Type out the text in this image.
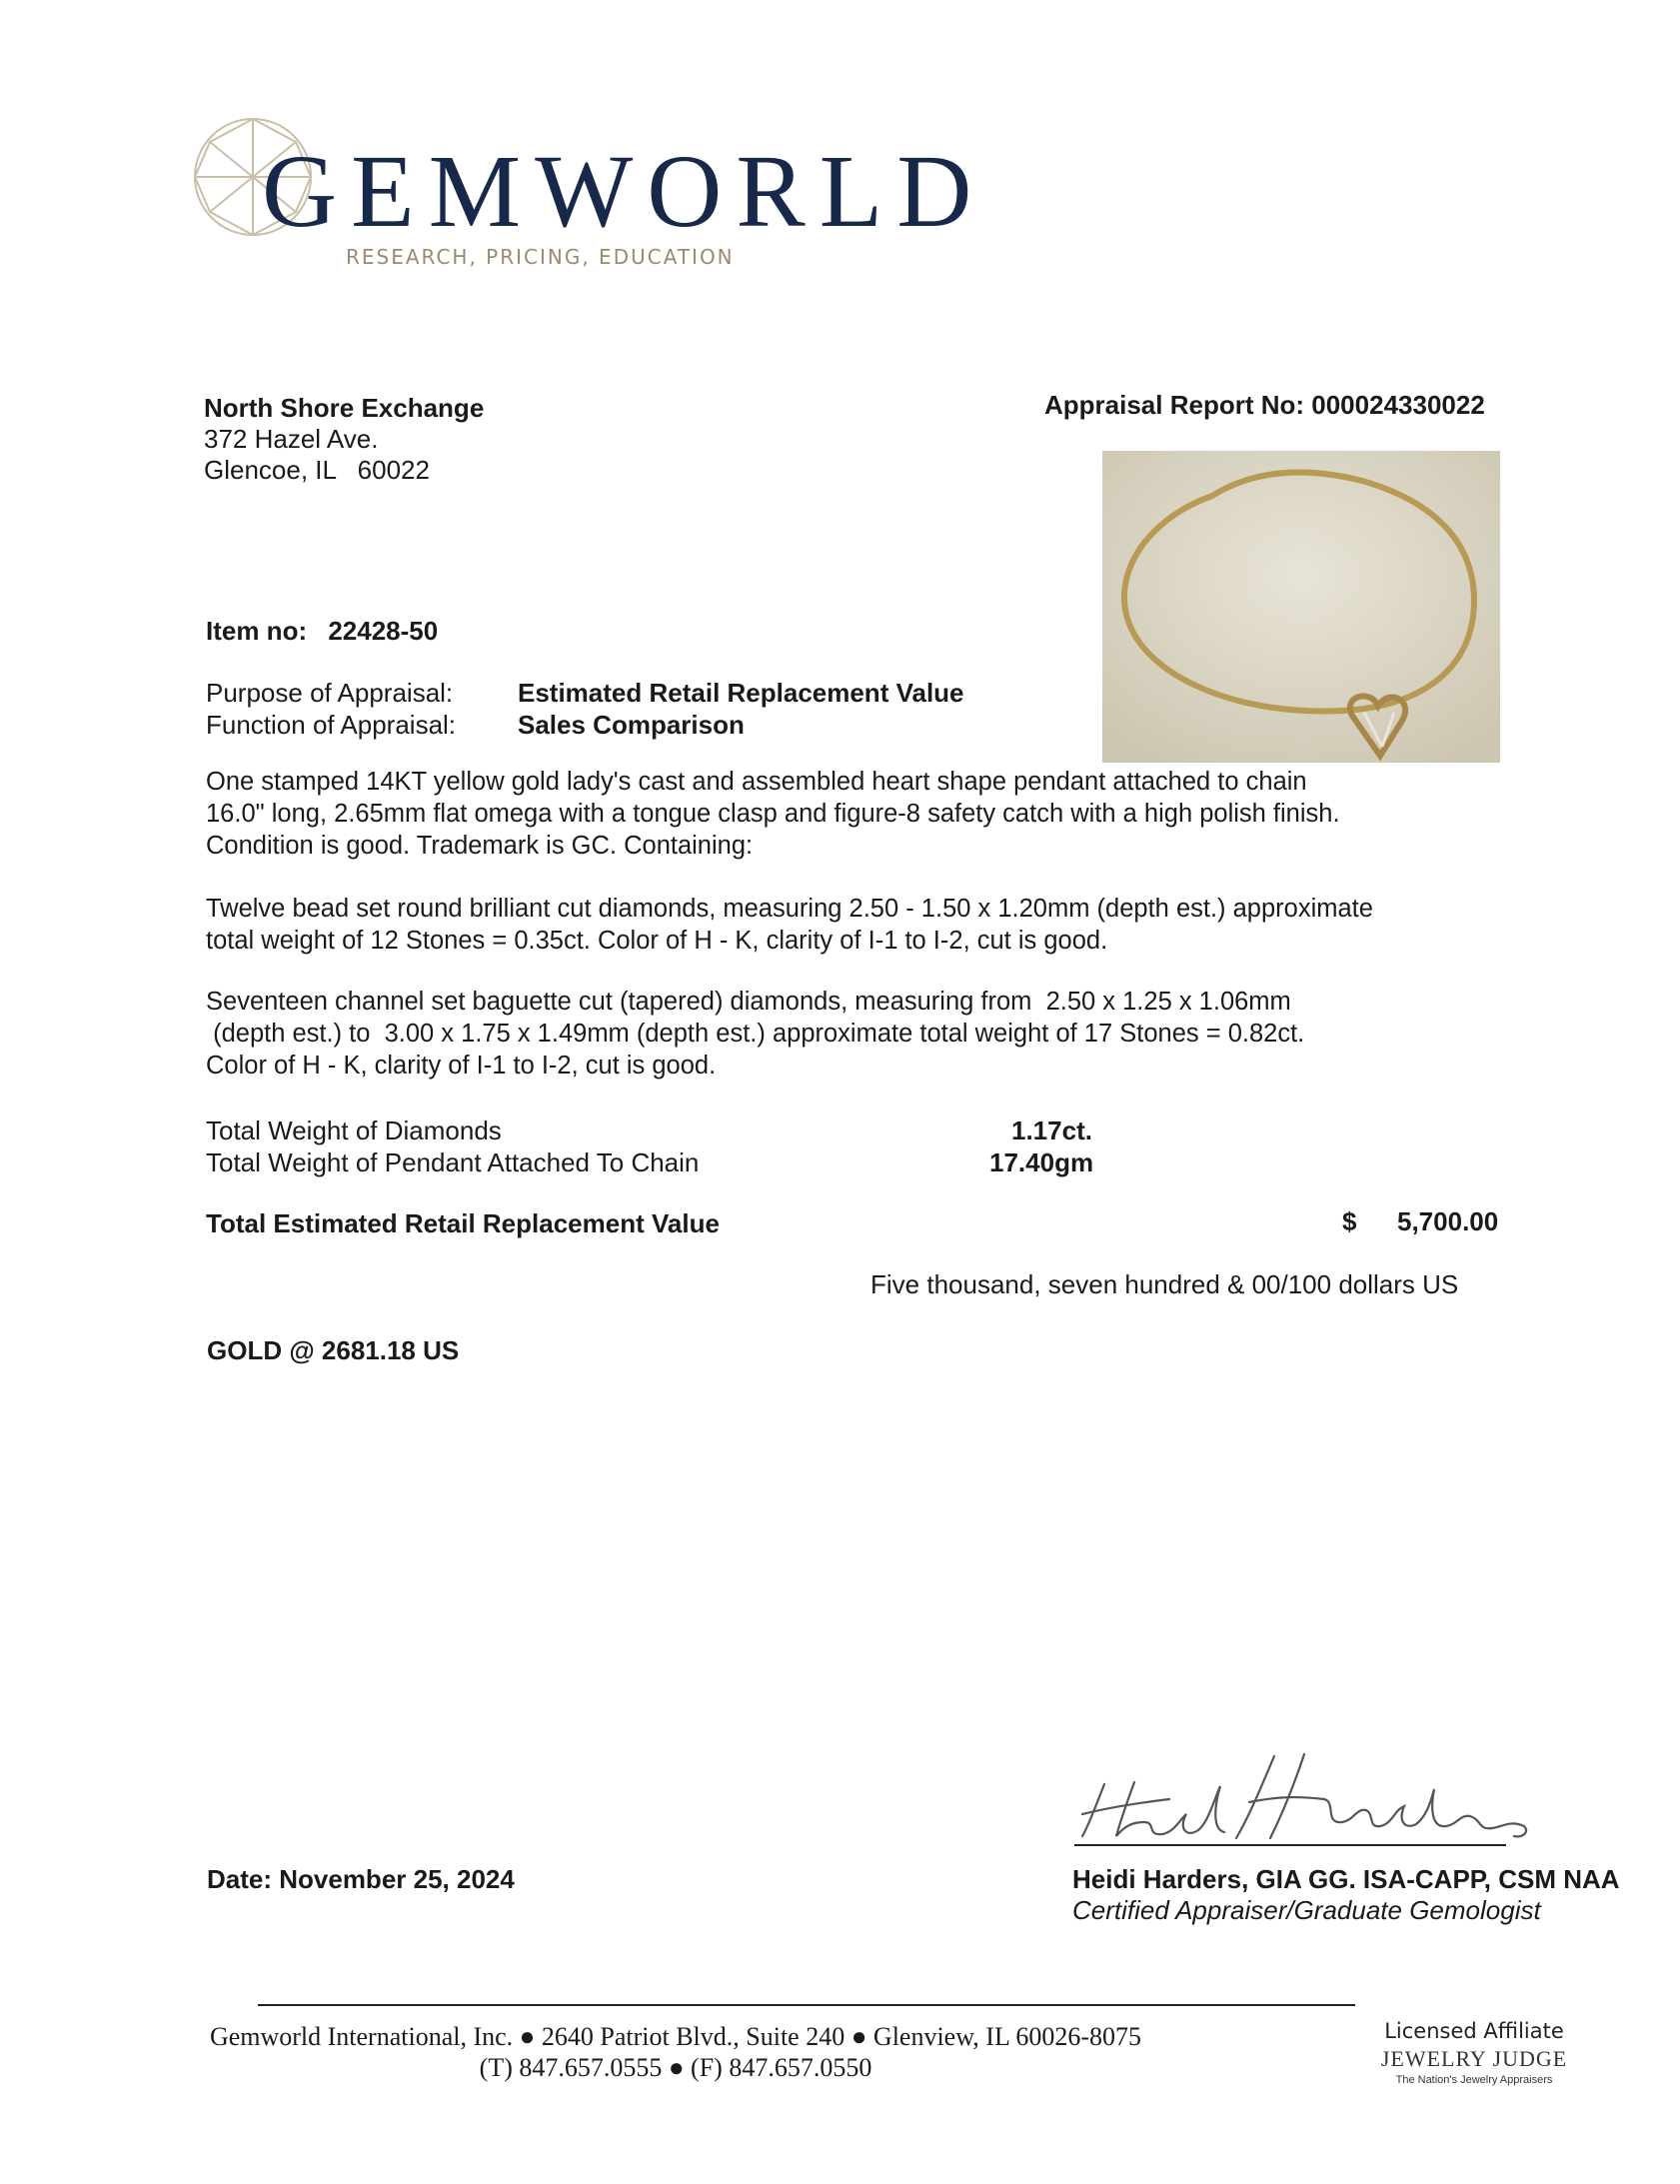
GEMWORLD
RESEARCH, PRICING, EDUCATION
North Shore Exchange
372 Hazel Ave.
Glencoe, IL   60022
Appraisal Report No: 000024330022
Item no: 22428-50
Purpose of Appraisal: Estimated Retail Replacement Value
Function of Appraisal: Sales Comparison
One stamped 14KT yellow gold lady's cast and assembled heart shape pendant attached to chain
16.0" long, 2.65mm flat omega with a tongue clasp and figure-8 safety catch with a high polish finish.
Condition is good. Trademark is GC. Containing:
Twelve bead set round brilliant cut diamonds, measuring 2.50 - 1.50 x 1.20mm (depth est.) approximate
total weight of 12 Stones = 0.35ct. Color of H - K, clarity of I-1 to I-2, cut is good.
Seventeen channel set baguette cut (tapered) diamonds, measuring from  2.50 x 1.25 x 1.06mm
(depth est.) to  3.00 x 1.75 x 1.49mm (depth est.) approximate total weight of 17 Stones = 0.82ct.
Color of H - K, clarity of I-1 to I-2, cut is good.
Total Weight of Diamonds	1.17ct.
Total Weight of Pendant Attached To Chain	17.40gm
Total Estimated Retail Replacement Value	$ 5,700.00
Five thousand, seven hundred & 00/100 dollars US
GOLD @ 2681.18 US
Date: November 25, 2024	Heidi Harders, GIA GG. ISA-CAPP, CSM NAA
Certified Appraiser/Graduate Gemologist
Gemworld International, Inc. ● 2640 Patriot Blvd., Suite 240 ● Glenview, IL 60026-8075
(T) 847.657.0555 ● (F) 847.657.0550
Licensed Affiliate
JEWELRY JUDGE
The Nation's Jewelry Appraisers
